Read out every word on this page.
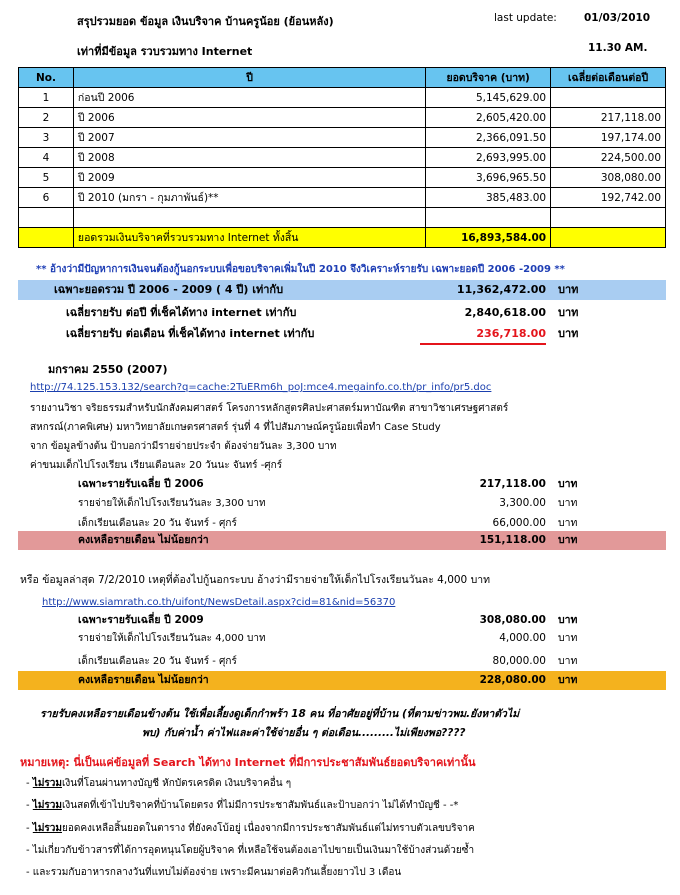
สรุปรวมยอด ข้อมูล เงินบริจาค บ้านครูน้อย (ย้อนหลัง)	last update:	01/03/2010
เท่าที่มีข้อมูล รวบรวมทาง Internet	11.30 AM.
No.	ปี	ยอดบริจาค (บาท)	เฉลี่ยต่อเดือนต่อปี
1	ก่อนปี 2006	5,145,629.00	
2	ปี 2006	2,605,420.00	217,118.00
3	ปี 2007	2,366,091.50	197,174.00
4	ปี 2008	2,693,995.00	224,500.00
5	ปี 2009	3,696,965.50	308,080.00
6	ปี 2010 (มกรา - กุมภาพันธ์)**	385,483.00	192,742.00

	ยอดรวมเงินบริจาคที่รวบรวมทาง Internet ทั้งสิ้น	16,893,584.00	
** อ้างว่ามีปัญหาการเงินจนต้องกู้นอกระบบเพื่อขอบริจาคเพิ่มในปี 2010 จึงวิเคราะห์รายรับ เฉพาะยอดปี 2006 -2009 **
เฉพาะยอดรวม ปี 2006 - 2009 ( 4 ปี) เท่ากับ	11,362,472.00 บาท
เฉลี่ยรายรับ ต่อปี ที่เช็คได้ทาง internet เท่ากับ	2,840,618.00 บาท
เฉลี่ยรายรับ ต่อเดือน ที่เช็คได้ทาง internet เท่ากับ	236,718.00 บาท
มกราคม 2550 (2007)
http://74.125.153.132/search?q=cache:2TuERm6h_poJ:mce4.megainfo.co.th/pr_info/pr5.doc
รายงานวิชา จริยธรรมสำหรับนักสังคมศาสตร์ โครงการหลักสูตรศิลปะศาสตร์มหาบัณฑิต สาขาวิชาเศรษฐศาสตร์
สหกรณ์(ภาคพิเศษ) มหาวิทยาลัยเกษตรศาสตร์ รุ่นที่ 4 ที่ไปสัมภาษณ์ครูน้อยเพื่อทำ Case Study
จาก ข้อมูลข้างต้น ป้าบอกว่ามีรายจ่ายประจำ ต้องจ่ายวันละ 3,300 บาท
ค่าขนมเด็กไปโรงเรียน เรียนเดือนละ 20 วันนะ จันทร์ -ศุกร์
เฉพาะรายรับเฉลี่ย ปี 2006	217,118.00 บาท
รายจ่ายให้เด็กไปโรงเรียนวันละ 3,300 บาท	3,300.00 บาท
เด็กเรียนเดือนละ 20 วัน จันทร์ - ศุกร์	66,000.00 บาท
คงเหลือรายเดือน ไม่น้อยกว่า	151,118.00 บาท
หรือ ข้อมูลล่าสุด 7/2/2010 เหตุที่ต้องไปกู้นอกระบบ อ้างว่ามีรายจ่ายให้เด็กไปโรงเรียนวันละ 4,000 บาท
http://www.siamrath.co.th/uifont/NewsDetail.aspx?cid=81&nid=56370
เฉพาะรายรับเฉลี่ย ปี 2009	308,080.00 บาท
รายจ่ายให้เด็กไปโรงเรียนวันละ 4,000 บาท	4,000.00 บาท
เด็กเรียนเดือนละ 20 วัน จันทร์ - ศุกร์	80,000.00 บาท
คงเหลือรายเดือน ไม่น้อยกว่า	228,080.00 บาท
รายรับคงเหลือรายเดือนข้างต้น ใช้เพื่อเลี้ยงดูเด็กกำพร้า 18 คน ที่อาศัยอยู่ที่บ้าน (ที่ตามข่าวพม.ยังหาตัวไม่
พบ) กับค่าน้ำ ค่าไฟและค่าใช้จ่ายอื่น ๆ ต่อเดือน.........ไม่เพียงพอ????
หมายเหตุ: นี่เป็นแค่ข้อมูลที่ Search ได้ทาง Internet ที่มีการประชาสัมพันธ์ยอดบริจาคเท่านั้น
- ไม่รวมเงินที่โอนผ่านทางบัญชี หักบัตรเครดิต เงินบริจาคอื่น ๆ
- ไม่รวมเงินสดที่เข้าไปบริจาคที่บ้านโดยตรง ที่ไม่มีการประชาสัมพันธ์และป้าบอกว่า ไม่ได้ทำบัญชี - -*
- ไม่รวมยอดคงเหลือสิ้นยอดในตาราง ที่ยังคงโบ้อยู่ เนื่องจากมีการประชาสัมพันธ์แต่ไม่ทราบตัวเลขบริจาค
- ไม่เกี่ยวกับข้าวสารที่ได้การอุดหนุนโดยผู้บริจาค ที่เหลือใช้จนต้องเอาไปขายเป็นเงินมาใช้บ้างส่วนด้วยซ้ำ
- และรวมกับอาหารกลางวันที่แทบไม่ต้องจ่าย เพราะมีคนมาต่อคิวกันเลี้ยงยาวไป 3 เดือน
